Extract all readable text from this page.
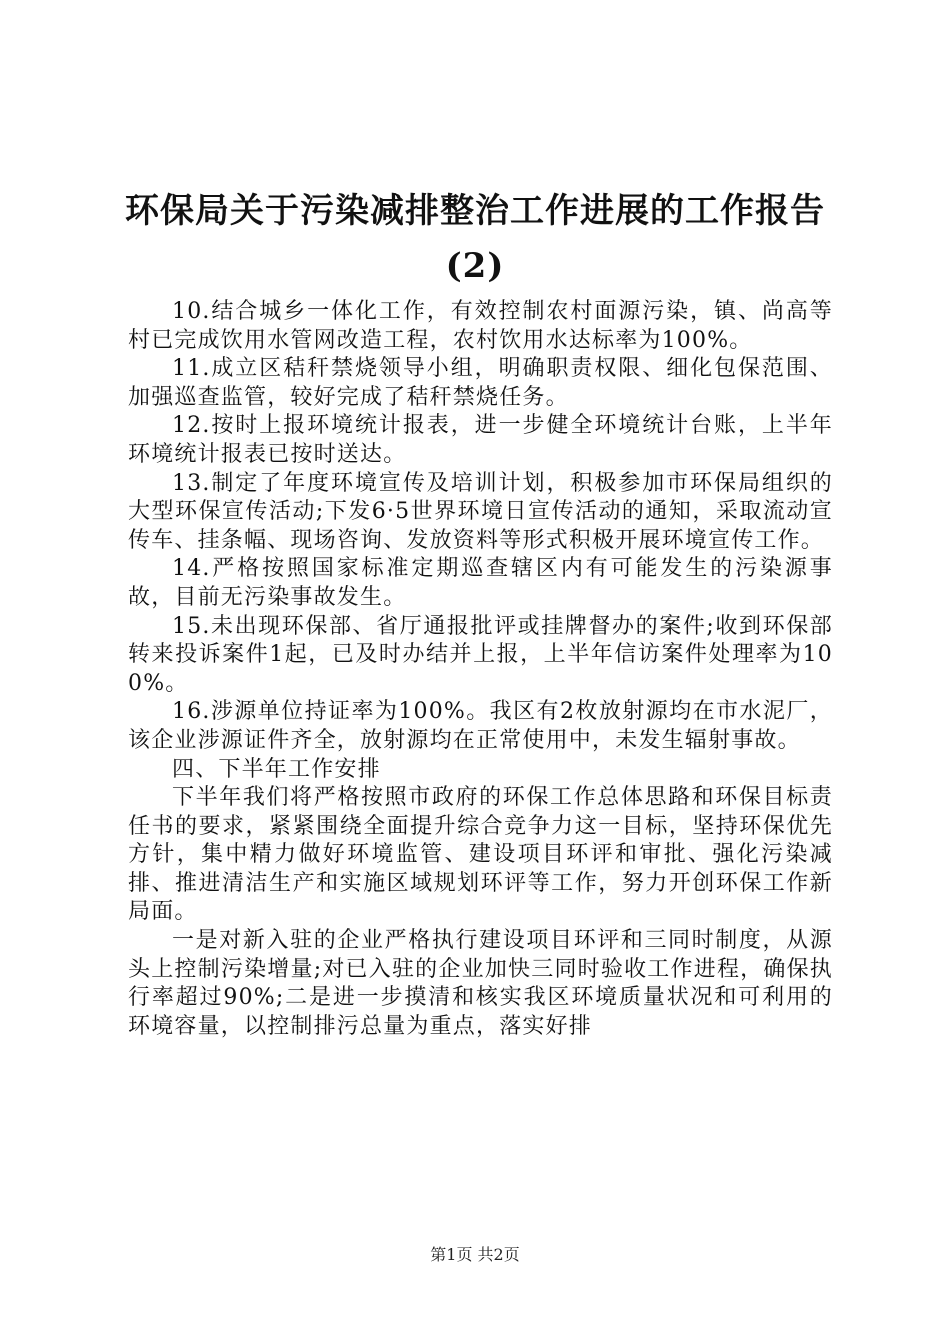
环保局关于污染减排整治工作进展的工作报告
(2)

10.结合城乡一体化工作，有效控制农村面源污染，镇、尚高等村已完成饮用水管网改造工程，农村饮用水达标率为100%。

11.成立区秸秆禁烧领导小组，明确职责权限、细化包保范围、加强巡查监管，较好完成了秸秆禁烧任务。

12.按时上报环境统计报表，进一步健全环境统计台账，上半年环境统计报表已按时送达。

13.制定了年度环境宣传及培训计划，积极参加市环保局组织的大型环保宣传活动;下发6·5世界环境日宣传活动的通知，采取流动宣传车、挂条幅、现场咨询、发放资料等形式积极开展环境宣传工作。

14.严格按照国家标准定期巡查辖区内有可能发生的污染源事故，目前无污染事故发生。

15.未出现环保部、省厅通报批评或挂牌督办的案件;收到环保部转来投诉案件1起，已及时办结并上报，上半年信访案件处理率为100%。

16.涉源单位持证率为100%。我区有2枚放射源均在市水泥厂，该企业涉源证件齐全，放射源均在正常使用中，未发生辐射事故。

四、下半年工作安排

下半年我们将严格按照市政府的环保工作总体思路和环保目标责任书的要求，紧紧围绕全面提升综合竞争力这一目标，坚持环保优先方针，集中精力做好环境监管、建设项目环评和审批、强化污染减排、推进清洁生产和实施区域规划环评等工作，努力开创环保工作新局面。

一是对新入驻的企业严格执行建设项目环评和三同时制度，从源头上控制污染增量;对已入驻的企业加快三同时验收工作进程，确保执行率超过90%;二是进一步摸清和核实我区环境质量状况和可利用的环境容量，以控制排污总量为重点，落实好排

第1页 共2页
